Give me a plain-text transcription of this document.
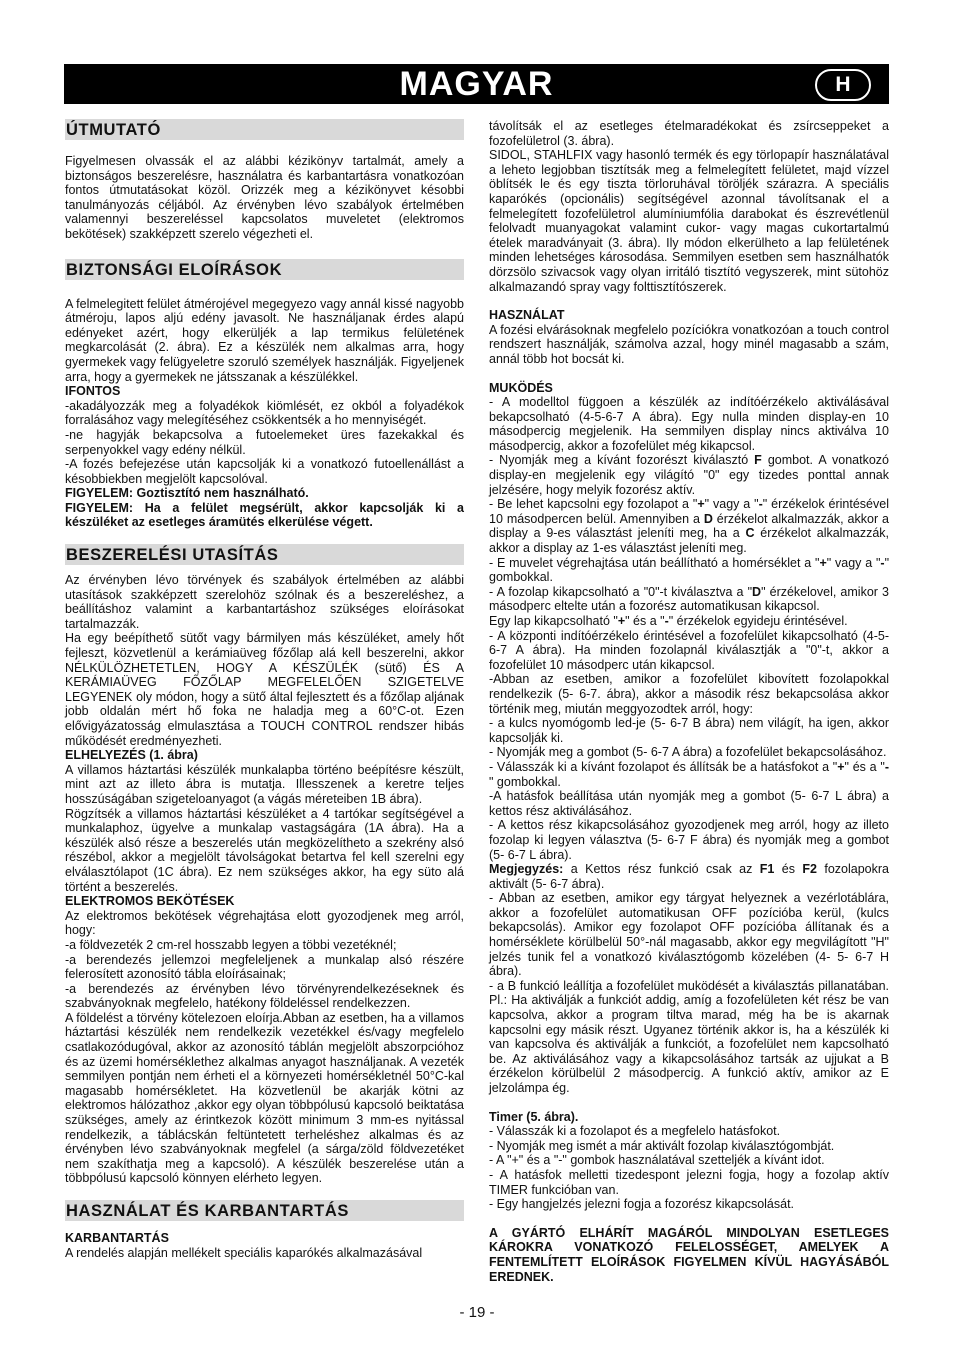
MAGYAR	H
ÚTMUTATÓ

Figyelmesen olvassák el az alábbi kézikönyv tartalmát, amely a biztonságos beszerelésre, használatra és karbantartásra vonatkozóan fontos útmutatásokat közöl. Orizzék meg a kézikönyvet késobbi tanulmányozás céljából. Az érvényben lévo szabályok értelmében valamennyi beszereléssel kapcsolatos muveletet (elektromos bekötések) szakképzett szerelo végezheti el.

BIZTONSÁGI ELOÍRÁSOK

A felmelegitett felület átmérojével megegyezo vagy annál kissé nagyobb átméroju, lapos aljú edény javasolt. Ne használjanak érdes alapú edényeket azért, hogy elkerüljék a lap termikus felületének megkarcolását (2. ábra). Ez a készülék nem alkalmas arra, hogy gyermekek vagy felügyeletre szoruló személyek használják. Figyeljenek arra, hogy a gyermekek ne játsszanak a készülékkel.

IFONTOS

-akadályozzák meg a folyadékok kiömlését, ez okból a folyadékok forralásához vagy melegítéséhez csökkentsék a ho mennyiségét.

-ne hagyják bekapcsolva a futoelemeket üres fazekakkal és serpenyokkel vagy edény nélkül.

-A fozés befejezése után kapcsolják ki a vonatkozó futoellenállást a késobbiekben megjelölt kapcsolóval.

FIGYELEM: Goztisztító nem használható.

FIGYELEM: Ha a felület megsérült, akkor kapcsolják ki a készüléket az esetleges áramütés elkerülése végett.

BESZERELÉSI UTASÍTÁS

Az érvényben lévo törvények és szabályok értelmében az alábbi utasítások szakképzett szerelohöz szólnak és a beszereléshez, a beállításhoz valamint a karbantartáshoz szükséges eloírásokat tartalmazzák.

Ha egy beépíthető sütőt vagy bármilyen más készüléket, amely hőt fejleszt, közvetlenül a kerámiaüveg főzőlap alá kell beszerelni, akkor NÉLKÜLÖZHETETLEN, HOGY A KÉSZÜLÉK (sütő) ÉS A KERÁMIAÜVEG FŐZŐLAP MEGFELELŐEN SZIGETELVE LEGYENEK oly módon, hogy a sütő által fejlesztett és a főzőlap aljának jobb oldalán mért hő foka ne haladja meg a 60°C-ot. Ezen elővigyázatosság elmulasztása a TOUCH CONTROL rendszer hibás működését eredményezheti.

ELHELYEZÉS (1. ábra)

A villamos háztartási készülék munkalapba történo beépítésre készült, mint azt az illeto ábra is mutatja. Illesszenek a keretre teljes hosszúságában szigeteloanyagot (a vágás méreteiben 1B ábra).

Rögzítsék a villamos háztartási készüléket a 4 tartókar segítségével a munkalaphoz, ügyelve a munkalap vastagságára (1A ábra). Ha a készülék alsó része a beszerelés után megközelítheto a szekrény alsó részébol, akkor a megjelölt távolságokat betartva fel kell szerelni egy elválasztólapot (1C ábra). Ez nem szükséges akkor, ha egy süto alá történt a beszerelés.

ELEKTROMOS BEKÖTÉSEK

Az elektromos bekötések végrehajtása elott gyozodjenek meg arról, hogy:

-a földvezeték 2 cm-rel hosszabb legyen a többi vezetéknél;

-a berendezés jellemzoi megfeleljenek a munkalap alsó részére felerosített azonosító tábla eloírásainak;

-a berendezés az érvényben lévo törvényrendelkezéseknek és szabványoknak megfelelo, hatékony földeléssel rendelkezzen.

A földelést a törvény kötelezoen eloírja.Abban az esetben, ha a villamos háztartási készülék nem rendelkezik vezetékkel és/vagy megfelelo csatlakozódugóval, akkor az azonosító táblán megjelölt abszorpcióhoz és az üzemi homérséklethez alkalmas anyagot használjanak. A vezeték semmilyen pontján nem érheti el a környezeti homérsékletnél 50°C-kal magasabb homérsékletet. Ha közvetlenül be akarják kötni az elektromos hálózathoz ,akkor egy olyan többpólusú kapcsoló beiktatása szükséges, amely az érintkezok között minimum 3 mm-es nyitással rendelkezik, a táblácskán feltüntetett terheléshez alkalmas és az érvényben lévo szabványoknak megfelel (a sárga/zöld földvezetéket nem szakíthatja meg a kapcsoló). A készülék beszerelése után a többpólusú kapcsoló könnyen elérheto legyen.

HASZNÁLAT ÉS KARBANTARTÁS

KARBANTARTÁS

A rendelés alapján mellékelt speciális kaparókés alkalmazásával

távolítsák el az esetleges ételmaradékokat és zsírcseppeket a fozofelületrol (3. ábra).

SIDOL, STAHLFIX vagy hasonló termék és egy törlopapír használatával a leheto legjobban tisztítsák meg a felmelegített felületet, majd vízzel öblítsék le és egy tiszta törloruhával töröljék szárazra. A speciális kaparókés (opcionális) segítségével azonnal távolítsanak el a felmelegített fozofelületrol alumíniumfólia darabokat és észrevétlenül felolvadt muanyagokat valamint cukor- vagy magas cukortartalmú ételek maradványait (3. ábra). Ily módon elkerülheto a lap felületének minden lehetséges károsodása. Semmilyen esetben sem használhatók dörzsölo szivacsok vagy olyan irritáló tisztító vegyszerek, mint sütohöz alkalmazandó spray vagy folttisztítószerek.

HASZNÁLAT

A fozési elvárásoknak megfelelo pozíciókra vonatkozóan a touch control rendszert használják, számolva azzal, hogy minél magasabb a szám, annál több hot bocsát ki.

MUKÖDÉS

- A modelltol függoen a készülék az indítóérzékelo aktiválásával bekapcsolható (4-5-6-7 A ábra). Egy nulla minden display-en 10 másodpercig megjelenik. Ha semmilyen display nincs aktiválva 10 másodpercig, akkor a fozofelület még kikapcsol.

- Nyomják meg a kívánt fozorészt kiválasztó F gombot. A vonatkozó display-en megjelenik egy világító "0" egy tizedes ponttal annak jelzésére, hogy melyik fozorész aktív.

- Be lehet kapcsolni egy fozolapot a "+" vagy a "-" érzékelok érintésével 10 másodpercen belül. Amennyiben a D érzékelot alkalmazzák, akkor a display a 9-es választást jeleníti meg, ha a C érzékelot alkalmazzák, akkor a display az 1-es választást jeleníti meg.

- E muvelet végrehajtása után beállítható a homérséklet a "+" vagy a "-" gombokkal.

- A fozolap kikapcsolható a "0"-t kiválasztva a "D" érzékelovel, amikor 3 másodperc eltelte után a fozorész automatikusan kikapcsol.

Egy lap kikapcsolható "+" és a "-" érzékelok egyideju érintésével.

- A központi indítóérzékelo érintésével a fozofelület kikapcsolható (4-5-6-7 A ábra). Ha minden fozolapnál kiválasztják a "0"-t, akkor a fozofelület 10 másodperc után kikapcsol.

-Abban az esetben, amikor a fozofelület kibovített fozolapokkal rendelkezik (5- 6-7. ábra), akkor a második rész bekapcsolása akkor történik meg, miután meggyozodtek arról, hogy:

- a kulcs nyomógomb led-je (5- 6-7 B ábra) nem világít, ha igen, akkor kapcsolják ki.

- Nyomják meg a gombot (5- 6-7 A ábra) a fozofelület bekapcsolásához.

- Válasszák ki a kívánt fozolapot és állítsák be a hatásfokot a "+" és a "-" gombokkal.

-A hatásfok beállítása után nyomják meg a gombot (5- 6-7 L ábra) a kettos rész aktiválásához.

- A kettos rész kikapcsolásához gyozodjenek meg arról, hogy az illeto fozolap ki legyen választva (5- 6-7 F ábra) és nyomják meg a gombot (5- 6-7 L ábra).

Megjegyzés: a Kettos rész funkció csak az F1 és F2 fozolapokra aktivált (5- 6-7 ábra).

- Abban az esetben, amikor egy tárgyat helyeznek a vezérlotáblára, akkor a fozofelület automatikusan OFF pozícióba kerül, (kulcs bekapcsolás). Amikor egy fozolapot OFF pozícióba állítanak és a homérséklete körülbelül 50°-nál magasabb, akkor egy megvilágított "H" jelzés tunik fel a vonatkozó kiválasztógomb közelében (4- 5- 6-7 H ábra).

- a B funkció leállítja a fozofelület muködését a kiválasztás pillanatában. Pl.: Ha aktiválják a funkciót addig, amíg a fozofelületen két rész be van kapcsolva, akkor a program tiltva marad, még ha be is akarnak kapcsolni egy másik részt. Ugyanez történik akkor is, ha a készülék ki van kapcsolva és aktiválják a funkciót, a fozofelület nem kapcsolható be. Az aktiválásához vagy a kikapcsolásához tartsák az ujjukat a B érzékelon körülbelül 2 másodpercig. A funkció aktív, amikor az E jelzolámpa ég.

Timer (5. ábra).

- Válasszák ki a fozolapot és a megfelelo hatásfokot.

- Nyomják meg ismét a már aktivált fozolap kiválasztógombját.

- A "+" és a "-" gombok használatával szetteljék a kívánt idot.

- A hatásfok melletti tizedespont jelezni fogja, hogy a fozolap aktív TIMER funkcióban van.

- Egy hangjelzés jelezni fogja a fozorész kikapcsolását.

A GYÁRTÓ ELHÁRÍT MAGÁRÓL MINDOLYAN ESETLEGES KÁROKRA VONATKOZÓ FELELOSSÉGET, AMELYEK A FENTEMLÍTETT ELOÍRÁSOK FIGYELMEN KÍVÜL HAGYÁSÁBÓL EREDNEK.

- 19 -
